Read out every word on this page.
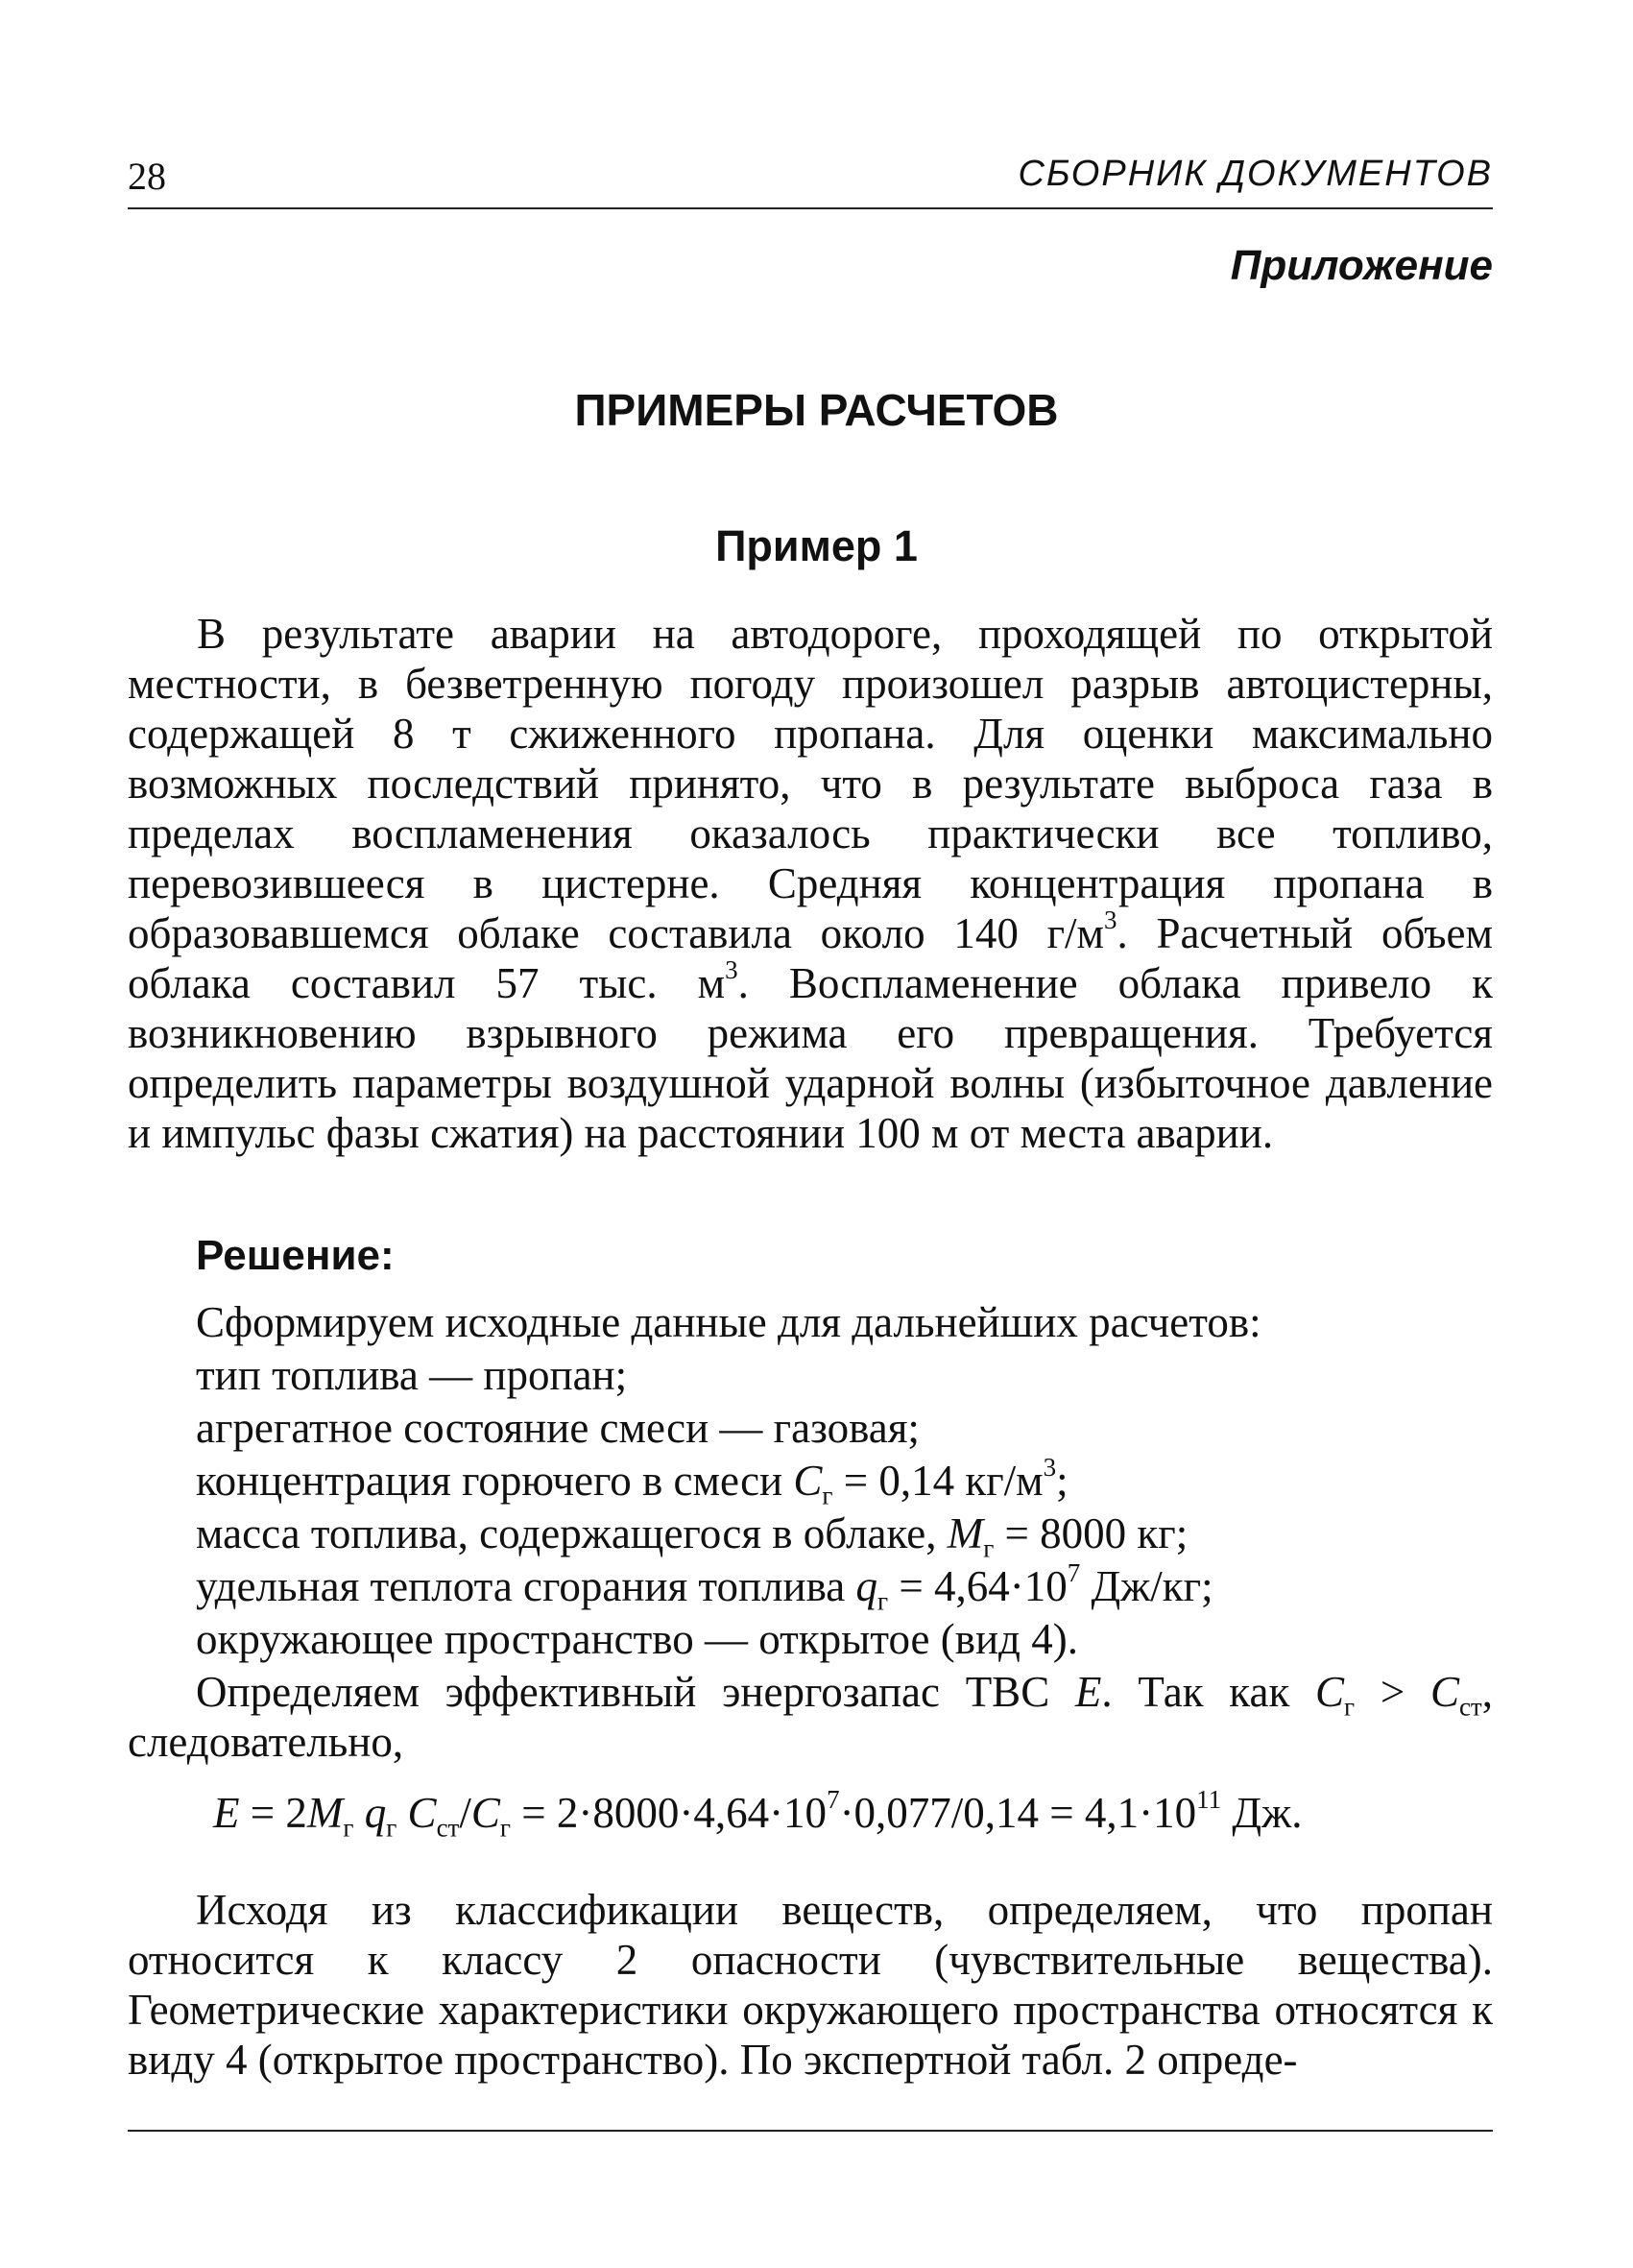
28	СБОРНИК ДОКУМЕНТОВ
Приложение
ПРИМЕРЫ РАСЧЕТОВ
Пример 1

В результате аварии на автодороге, проходящей по открытой местности, в безветренную погоду произошел разрыв автоцистерны, содержащей 8 т сжиженного пропана. Для оценки максимально возможных последствий принято, что в результате выброса газа в пределах воспламенения оказалось практически все топливо, перевозившееся в цистерне. Средняя концентрация пропана в образовавшемся облаке составила около 140 $г/м^3$. Расчетный объем облака составил 57 тыс. $м^3$. Воспламенение облака привело к возникновению взрывного режима его превращения. Требуется определить параметры воздушной ударной волны (избыточное давление и импульс фазы сжатия) на расстоянии 100 м от места аварии.

Решение:
Сформируем исходные данные для дальнейших расчетов:
тип топлива — пропан;
агрегатное состояние смеси — газовая;
концентрация горючего в смеси $C_г = 0,14$ $кг/м^3$;
масса топлива, содержащегося в облаке, $M_г = 8000$ кг;
удельная теплота сгорания топлива $q_г = 4,64\cdot 10^7$ Дж/кг;
окружающее пространство — открытое (вид 4).

Определяем эффективный энергозапас ТВС E. Так как $C_г > C_{ст}$, следовательно,

$E = 2M_г$ $q_г$ $C_{ст}/C_г = 2\cdot 8000\cdot 4,64\cdot 10^7\cdot 0,077/0,14 = 4,1\cdot 10^{11}$ Дж.

Исходя из классификации веществ, определяем, что пропан относится к классу 2 опасности (чувствительные вещества). Геометрические характеристики окружающего пространства относятся к виду 4 (открытое пространство). По экспертной табл. 2 опреде-
